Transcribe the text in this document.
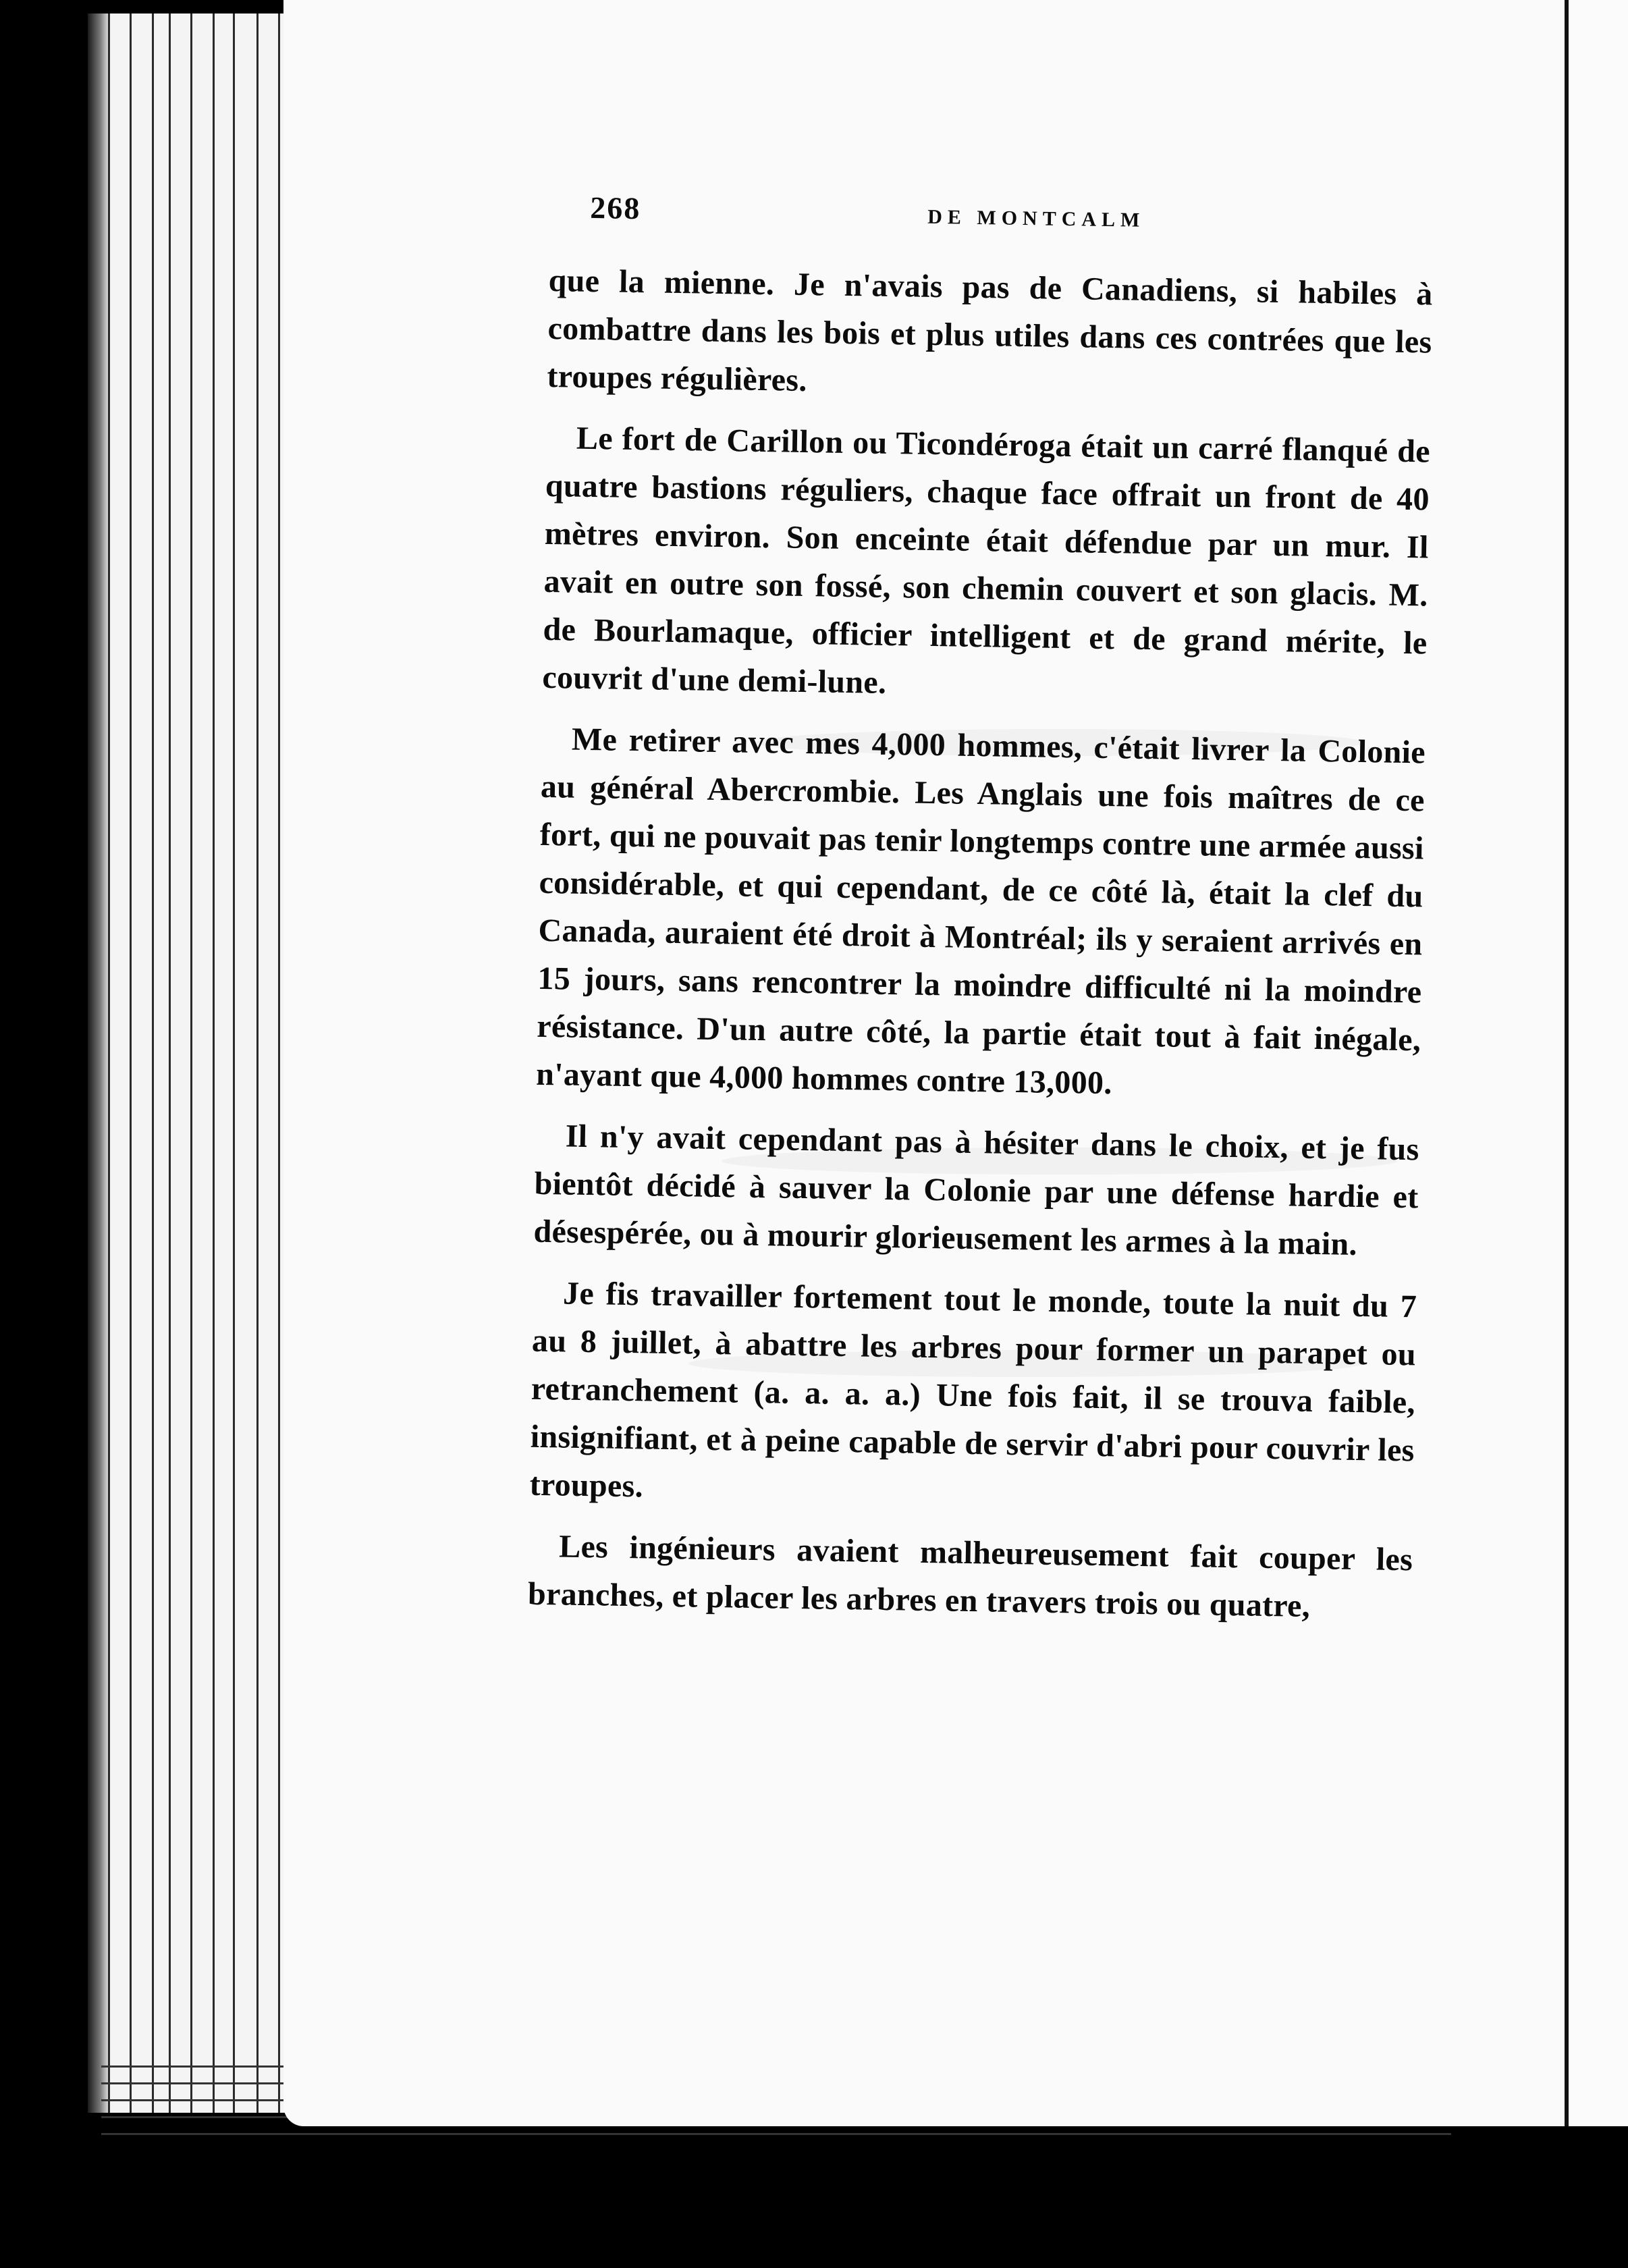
268	DE MONTCALM

que la mienne. Je n'avais pas de Canadiens, si habiles à combattre dans les bois et plus utiles dans ces contrées que les troupes régulières.

Le fort de Carillon ou Ticondéroga était un carré flanqué de quatre bastions réguliers, chaque face offrait un front de 40 mètres environ. Son enceinte était défendue par un mur. Il avait en outre son fossé, son chemin couvert et son glacis. M. de Bourlamaque, officier intelligent et de grand mérite, le couvrit d'une demi-lune.

Me retirer avec mes 4,000 hommes, c'était livrer la Colonie au général Abercrombie. Les Anglais une fois maîtres de ce fort, qui ne pouvait pas tenir longtemps contre une armée aussi considérable, et qui cependant, de ce côté là, était la clef du Canada, auraient été droit à Montréal; ils y seraient arrivés en 15 jours, sans rencontrer la moindre difficulté ni la moindre résistance. D'un autre côté, la partie était tout à fait inégale, n'ayant que 4,000 hommes contre 13,000.

Il n'y avait cependant pas à hésiter dans le choix, et je fus bientôt décidé à sauver la Colonie par une défense hardie et désespérée, ou à mourir glorieusement les armes à la main.

Je fis travailler fortement tout le monde, toute la nuit du 7 au 8 juillet, à abattre les arbres pour former un parapet ou retranchement (a. a. a. a.) Une fois fait, il se trouva faible, insignifiant, et à peine capable de servir d'abri pour couvrir les troupes.

Les ingénieurs avaient malheureusement fait couper les branches, et placer les arbres en travers trois ou quatre,
